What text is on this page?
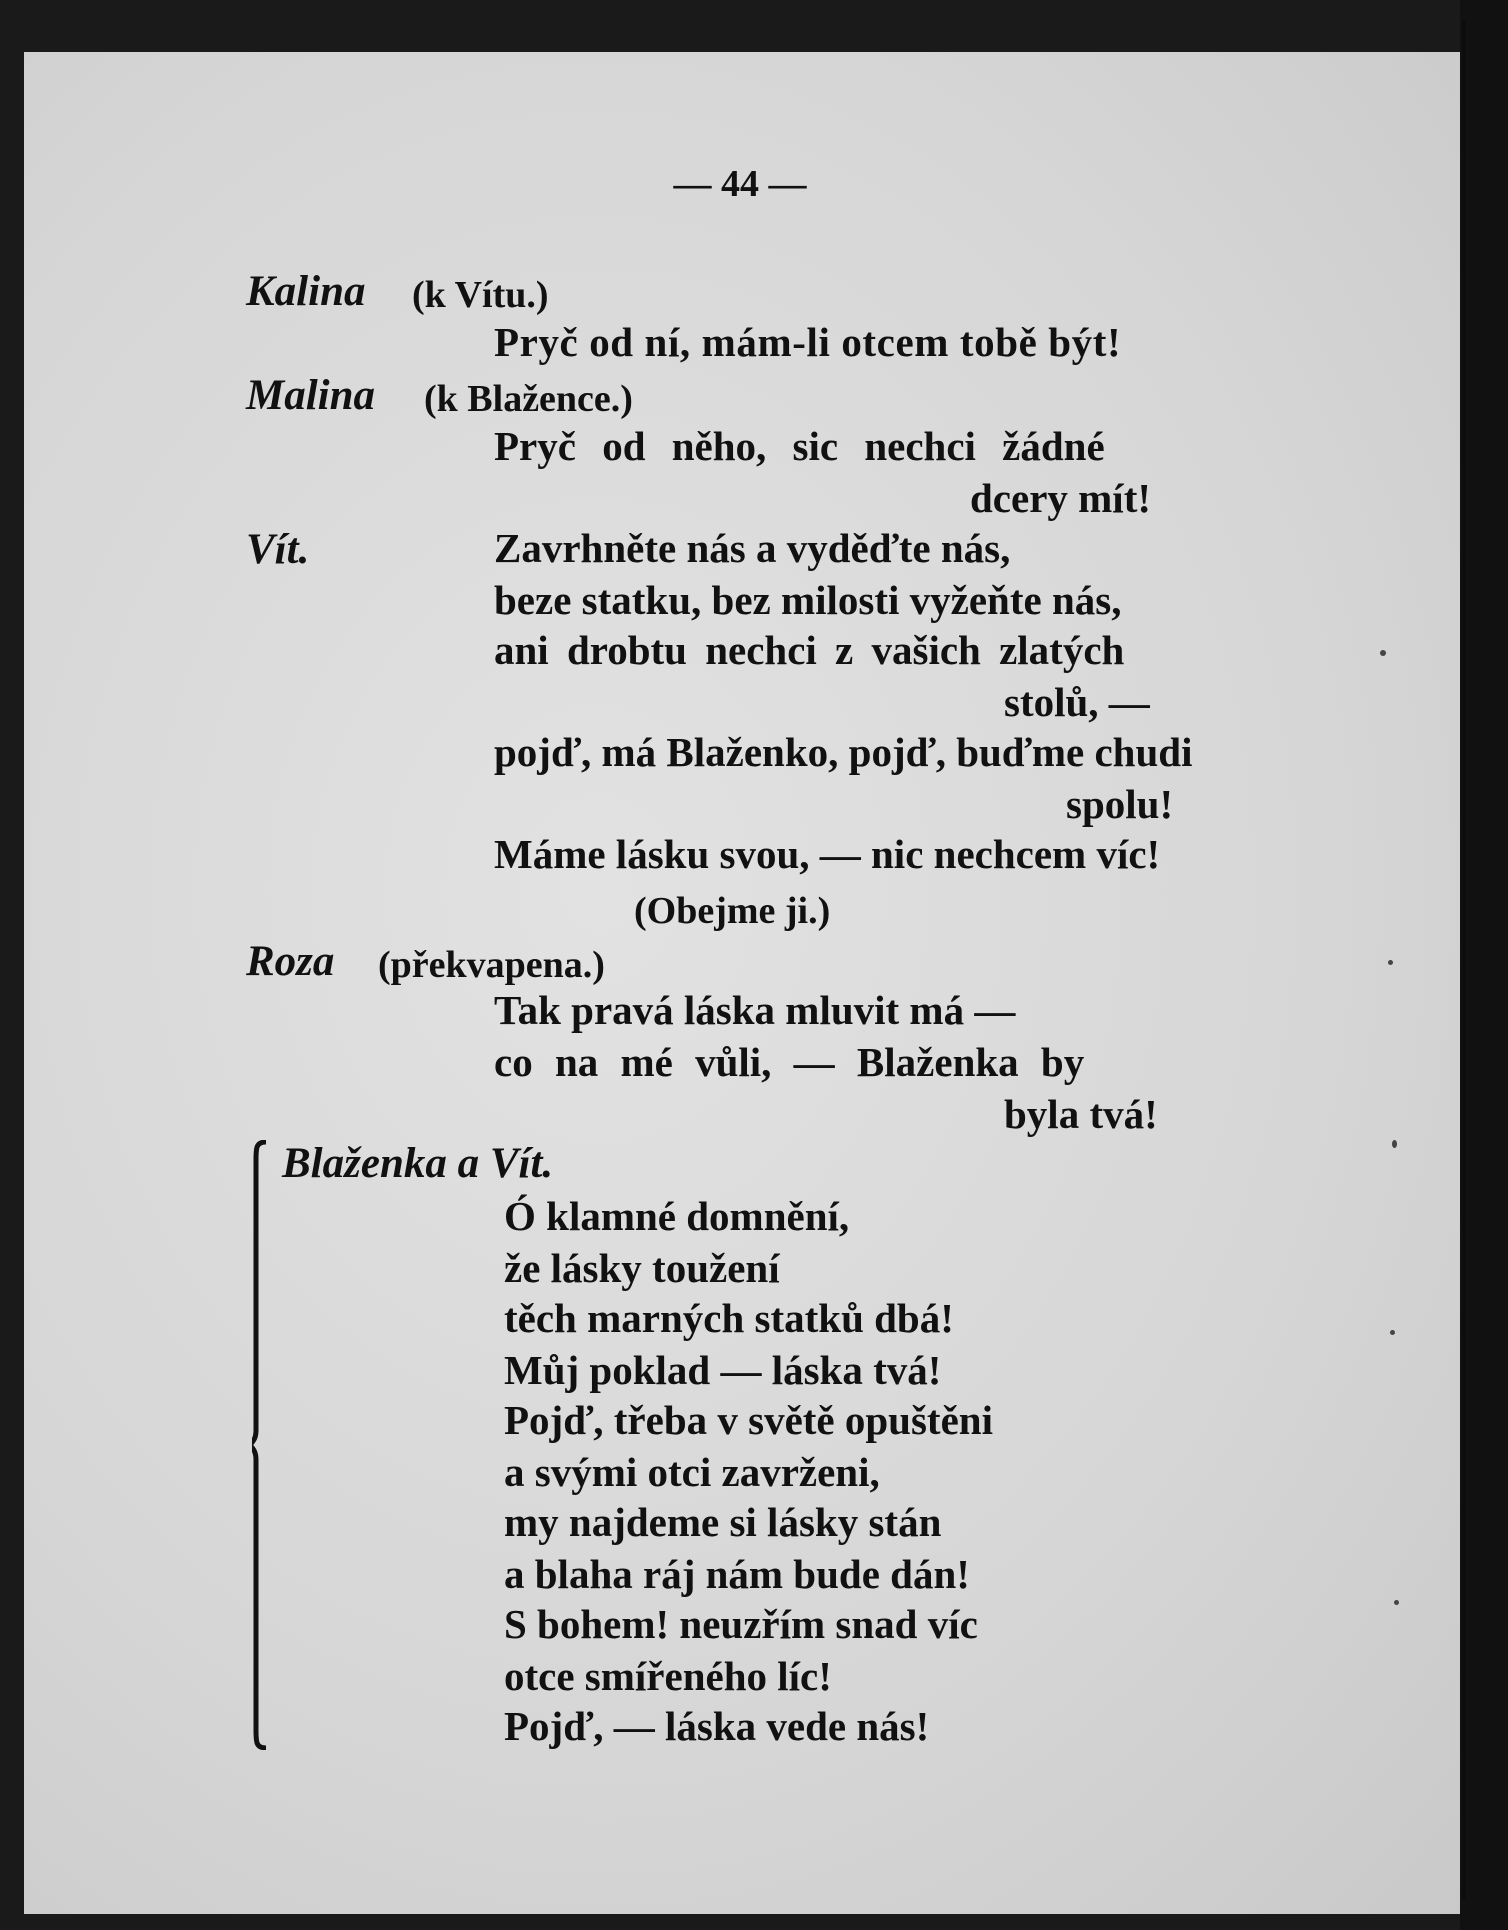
— 44 —
Kalina (k Vítu.)
Pryč od ní, mám-li otcem tobě být!
Malina (k Blažence.)
Pryč od něho, sic nechci žádné
dcery mít!
Vít.	Zavrhněte nás a vyděďte nás,
beze statku, bez milosti vyžeňte nás,
ani drobtu nechci z vašich zlatých
stolů, —
pojď, má Blaženko, pojď, buďme chudi
spolu!
Máme lásku svou, — nic nechcem víc!
(Obejme ji.)
Roza (překvapena.)
Tak pravá láska mluvit má —
co na mé vůli, — Blaženka by
byla tvá!
Blaženka a Vít.
Ó klamné domnění,
že lásky toužení
těch marných statků dbá!
Můj poklad — láska tvá!
Pojď, třeba v světě opuštěni
a svými otci zavrženi,
my najdeme si lásky stán
a blaha ráj nám bude dán!
S bohem! neuzřím snad víc
otce smířeného líc!
Pojď, — láska vede nás!
